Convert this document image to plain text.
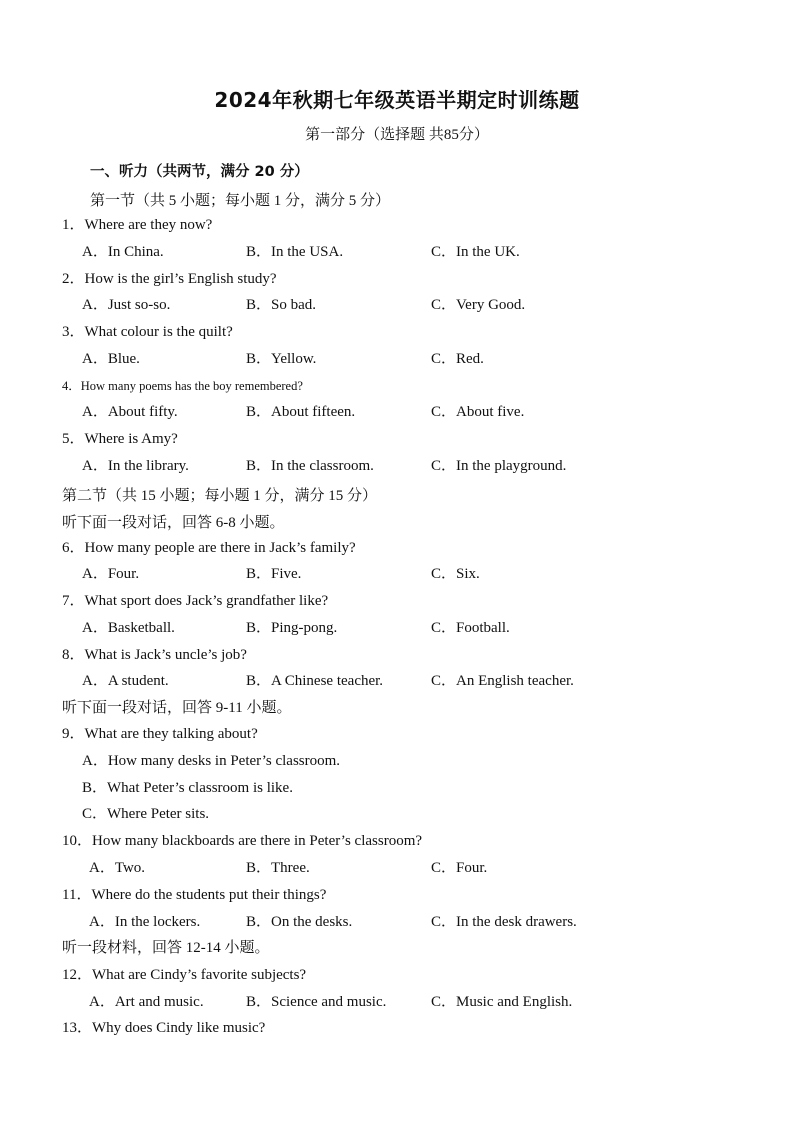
2024年秋期七年级英语半期定时训练题
第一部分（选择题 共85分）
一、听力（共两节，满分 20 分）
第一节（共 5 小题；每小题 1 分，满分 5 分）
1．Where are they now?
A．In China.	B．In the USA.	C．In the UK.
2．How is the girl’s English study?
A．Just so-so.	B．So bad.	C．Very Good.
3．What colour is the quilt?
A．Blue.	B．Yellow.	C．Red.
4．How many poems has the boy remembered?
A．About fifty.	B．About fifteen.	C．About five.
5．Where is Amy?
A．In the library.	B．In the classroom.	C．In the playground.
第二节（共 15 小题；每小题 1 分，满分 15 分）
听下面一段对话，回答 6-8 小题。
6．How many people are there in Jack’s family?
A．Four.	B．Five.	C．Six.
7．What sport does Jack’s grandfather like?
A．Basketball.	B．Ping-pong.	C．Football.
8．What is Jack’s uncle’s job?
A．A student.	B．A Chinese teacher.	C．An English teacher.
听下面一段对话，回答 9-11 小题。
9．What are they talking about?
A．How many desks in Peter’s classroom.
B．What Peter’s classroom is like.
C．Where Peter sits.
10．How many blackboards are there in Peter’s classroom?
A．Two.	B．Three.	C．Four.
11．Where do the students put their things?
A．In the lockers.	B．On the desks.	C．In the desk drawers.
听一段材料，回答 12-14 小题。
12．What are Cindy’s favorite subjects?
A．Art and music.	B．Science and music.	C．Music and English.
13．Why does Cindy like music?
